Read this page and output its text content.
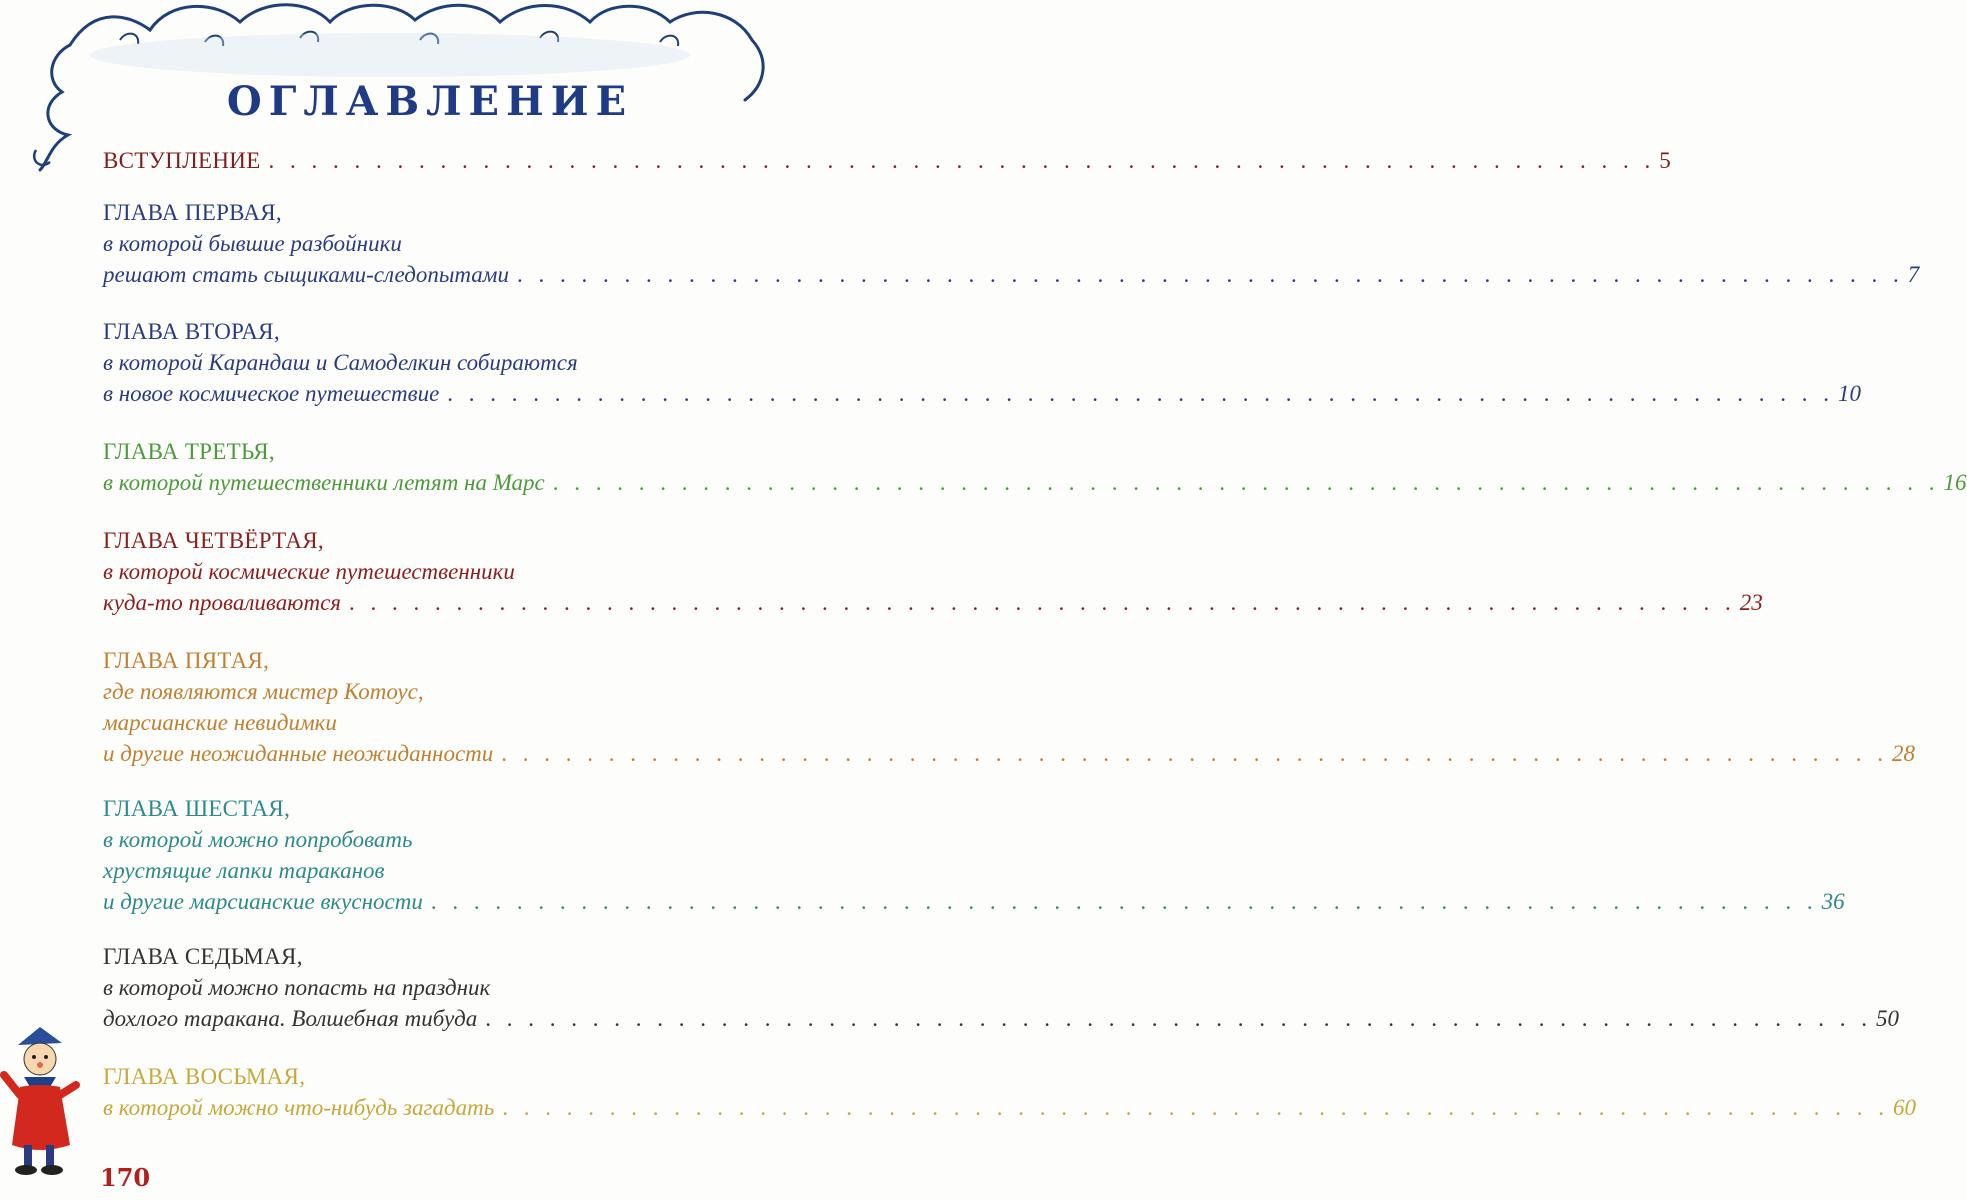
ОГЛАВЛЕНИЕ
ВСТУПЛЕНИЕ . . . . . . . . . . . . . . . . . . . . . . . . . . . . . . . . . . . . . . . . . . . . . . . . . . . . . . . . . . . . . . . . . 5
ГЛАВА ПЕРВАЯ,
в которой бывшие разбойники
решают стать сыщиками-следопытами . . . . . . . . . . . . . . . . . . . . . . . . . . . . . . . . . . . . . . . . . . . . . . . . . . . . . . . . . . . . . . . . . 7
ГЛАВА ВТОРАЯ,
в которой Карандаш и Самоделкин собираются
в новое космическое путешествие . . . . . . . . . . . . . . . . . . . . . . . . . . . . . . . . . . . . . . . . . . . . . . . . . . . . . . . . . . . . . . . . . 10
ГЛАВА ТРЕТЬЯ,
в которой путешественники летят на Марс . . . . . . . . . . . . . . . . . . . . . . . . . . . . . . . . . . . . . . . . . . . . . . . . . . . . . . . . . . . . . . . . . 16
ГЛАВА ЧЕТВЁРТАЯ,
в которой космические путешественники
куда-то проваливаются . . . . . . . . . . . . . . . . . . . . . . . . . . . . . . . . . . . . . . . . . . . . . . . . . . . . . . . . . . . . . . . . . 23
ГЛАВА ПЯТАЯ,
где появляются мистер Котоус,
марсианские невидимки
и другие неожиданные неожиданности . . . . . . . . . . . . . . . . . . . . . . . . . . . . . . . . . . . . . . . . . . . . . . . . . . . . . . . . . . . . . . . . . 28
ГЛАВА ШЕСТАЯ,
в которой можно попробовать
хрустящие лапки тараканов
и другие марсианские вкусности . . . . . . . . . . . . . . . . . . . . . . . . . . . . . . . . . . . . . . . . . . . . . . . . . . . . . . . . . . . . . . . . . 36
ГЛАВА СЕДЬМАЯ,
в которой можно попасть на праздник
дохлого таракана. Волшебная тибуда . . . . . . . . . . . . . . . . . . . . . . . . . . . . . . . . . . . . . . . . . . . . . . . . . . . . . . . . . . . . . . . . . 50
ГЛАВА ВОСЬМАЯ,
в которой можно что-нибудь загадать . . . . . . . . . . . . . . . . . . . . . . . . . . . . . . . . . . . . . . . . . . . . . . . . . . . . . . . . . . . . . . . . . 60
170
